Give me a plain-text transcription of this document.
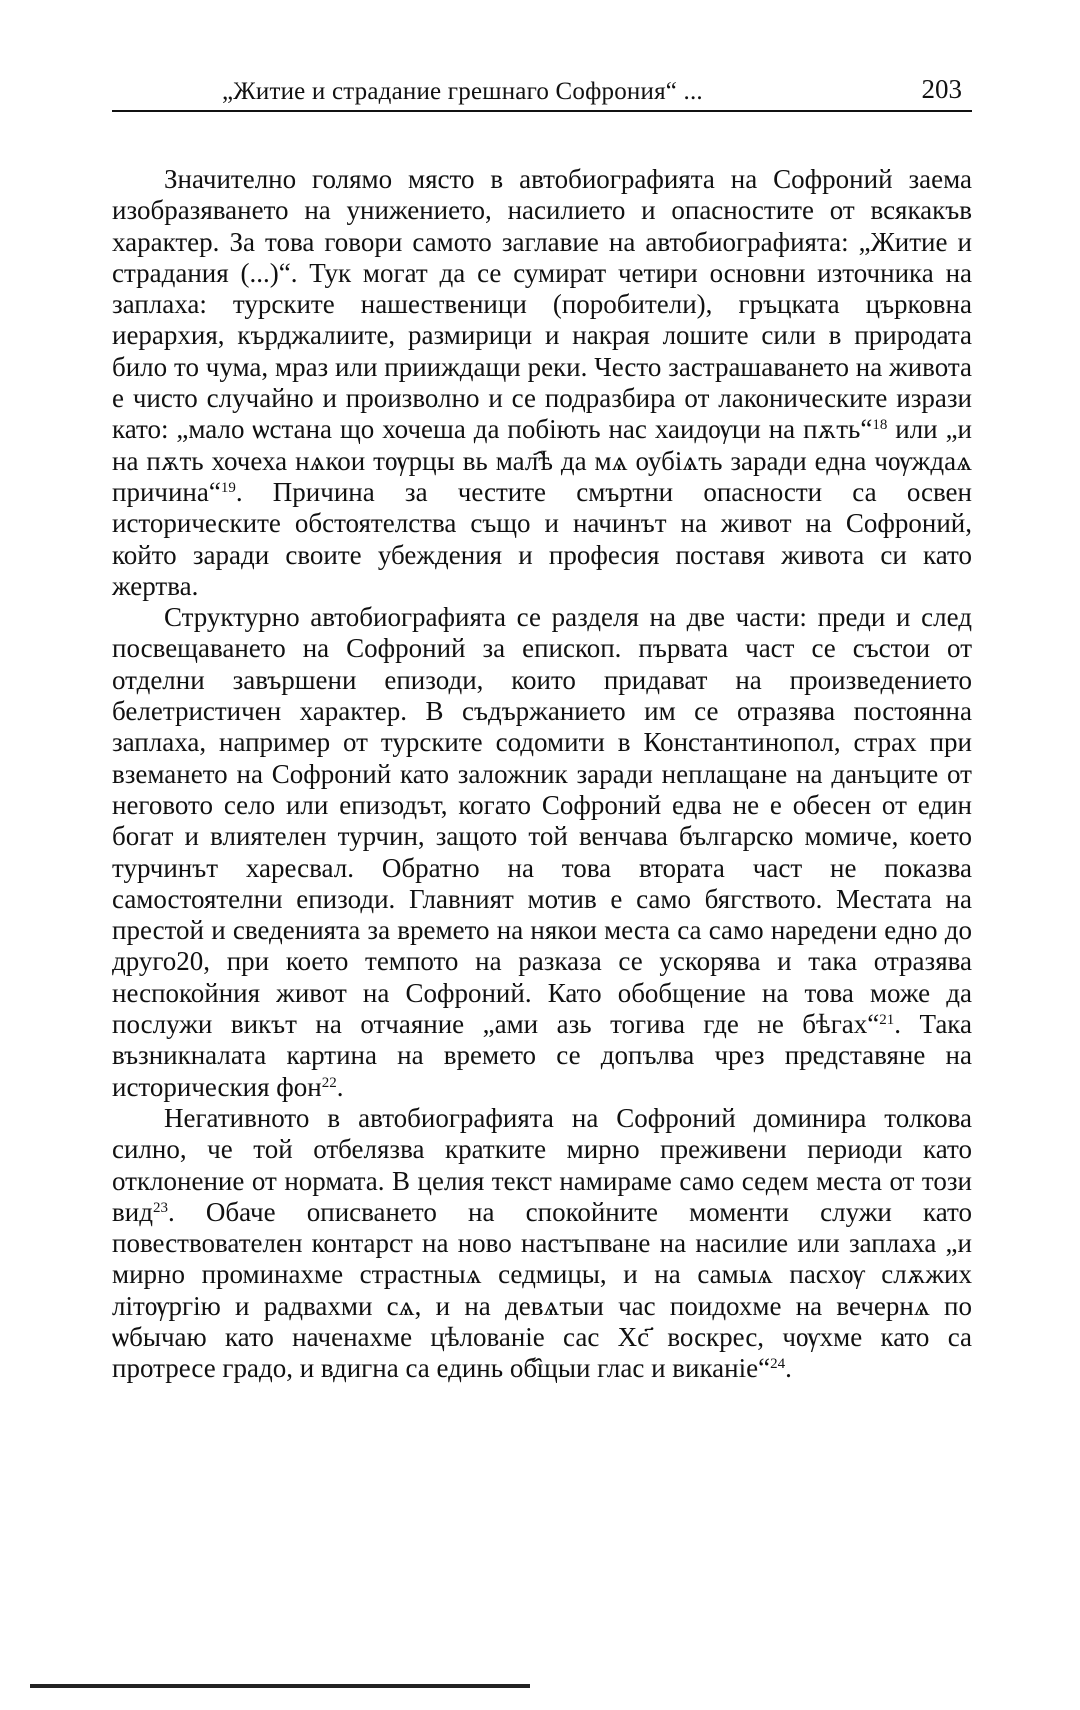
„Житие и страдание грешнаго Софрония“ ...	203

Значително голямо място в автобиографията на Софроний заема изобразяването на унижението, насилието и опасностите от всякакъв характер. За това говори самото заглавие на автобиографията: „Житие и страдания (...)“. Тук могат да се сумират четири основни източника на заплаха: турските нашественици (поробители), гръцката църковна иерархия, кърджалиите, размирици и накрая лошите сили в природата било то чума, мраз или прииждащи реки. Често застрашаването на живота е чисто случайно и произволно и се подразбира от лаконическите изрази като: „мало ѡстана що хочеша да побіють нас хаидѹци на пѫть“$^{18}$ или „и на пѫть хочеха нѧкои тѹрцы вь мал҄ѣ да мѧ оубіѧть заради една чѹждаѧ причина“$^{19}$. Причина за честите смъртни опасности са освен историческите обстоятелства също и начинът на живот на Софроний, който заради своите убеждения и професия поставя живота си като жертва.

Структурно автобиографията се разделя на две части: преди и след посвещаването на Софроний за епископ. първата част се състои от отделни завършени епизоди, които придават на произведението белетристичен характер. В съдържанието им се отразява постоянна заплаха, например от турските содомити в Константинопол, страх при вземането на Софроний като заложник заради неплащане на данъците от неговото село или епизодът, когато Софроний едва не е обесен от един богат и влиятелен турчин, защото той венчава българско момиче, което турчинът харесвал. Обратно на това втората част не показва самостоятелни епизоди. Главният мотив е само бягството. Местата на престой и сведенията за времето на някои места са само наредени едно до друго20, при което темпото на разказа се ускорява и така отразява неспокойния живот на Софроний. Като обобщение на това може да послужи викът на отчаяние „ами азь тогива где не бѣгах“$^{21}$. Така възникналата картина на времето се допълва чрез представяне на историческия фон$^{22}$.

Негативното в автобиографията на Софроний доминира толкова силно, че той отбелязва кратките мирно преживени периоди като отклонение от нормата. В целия текст намираме само седем места от този вид$^{23}$. Обаче описването на спокойните моменти служи като повествователен контарст на ново настъпване на насилие или заплаха „и мирно проминахме страстныѧ седмицы, и на самыѧ пасхѹ слѫжих літѹргію и радвахми сѧ, и на девѧтыи час поидохме на вечернѧ по ѡбычаю като наченахме цѣлованіе сас Хс҃ воскрес, чѹхме като са протресе градо, и вдигна са единь об҄щыи глас и виканіе“$^{24}$.
